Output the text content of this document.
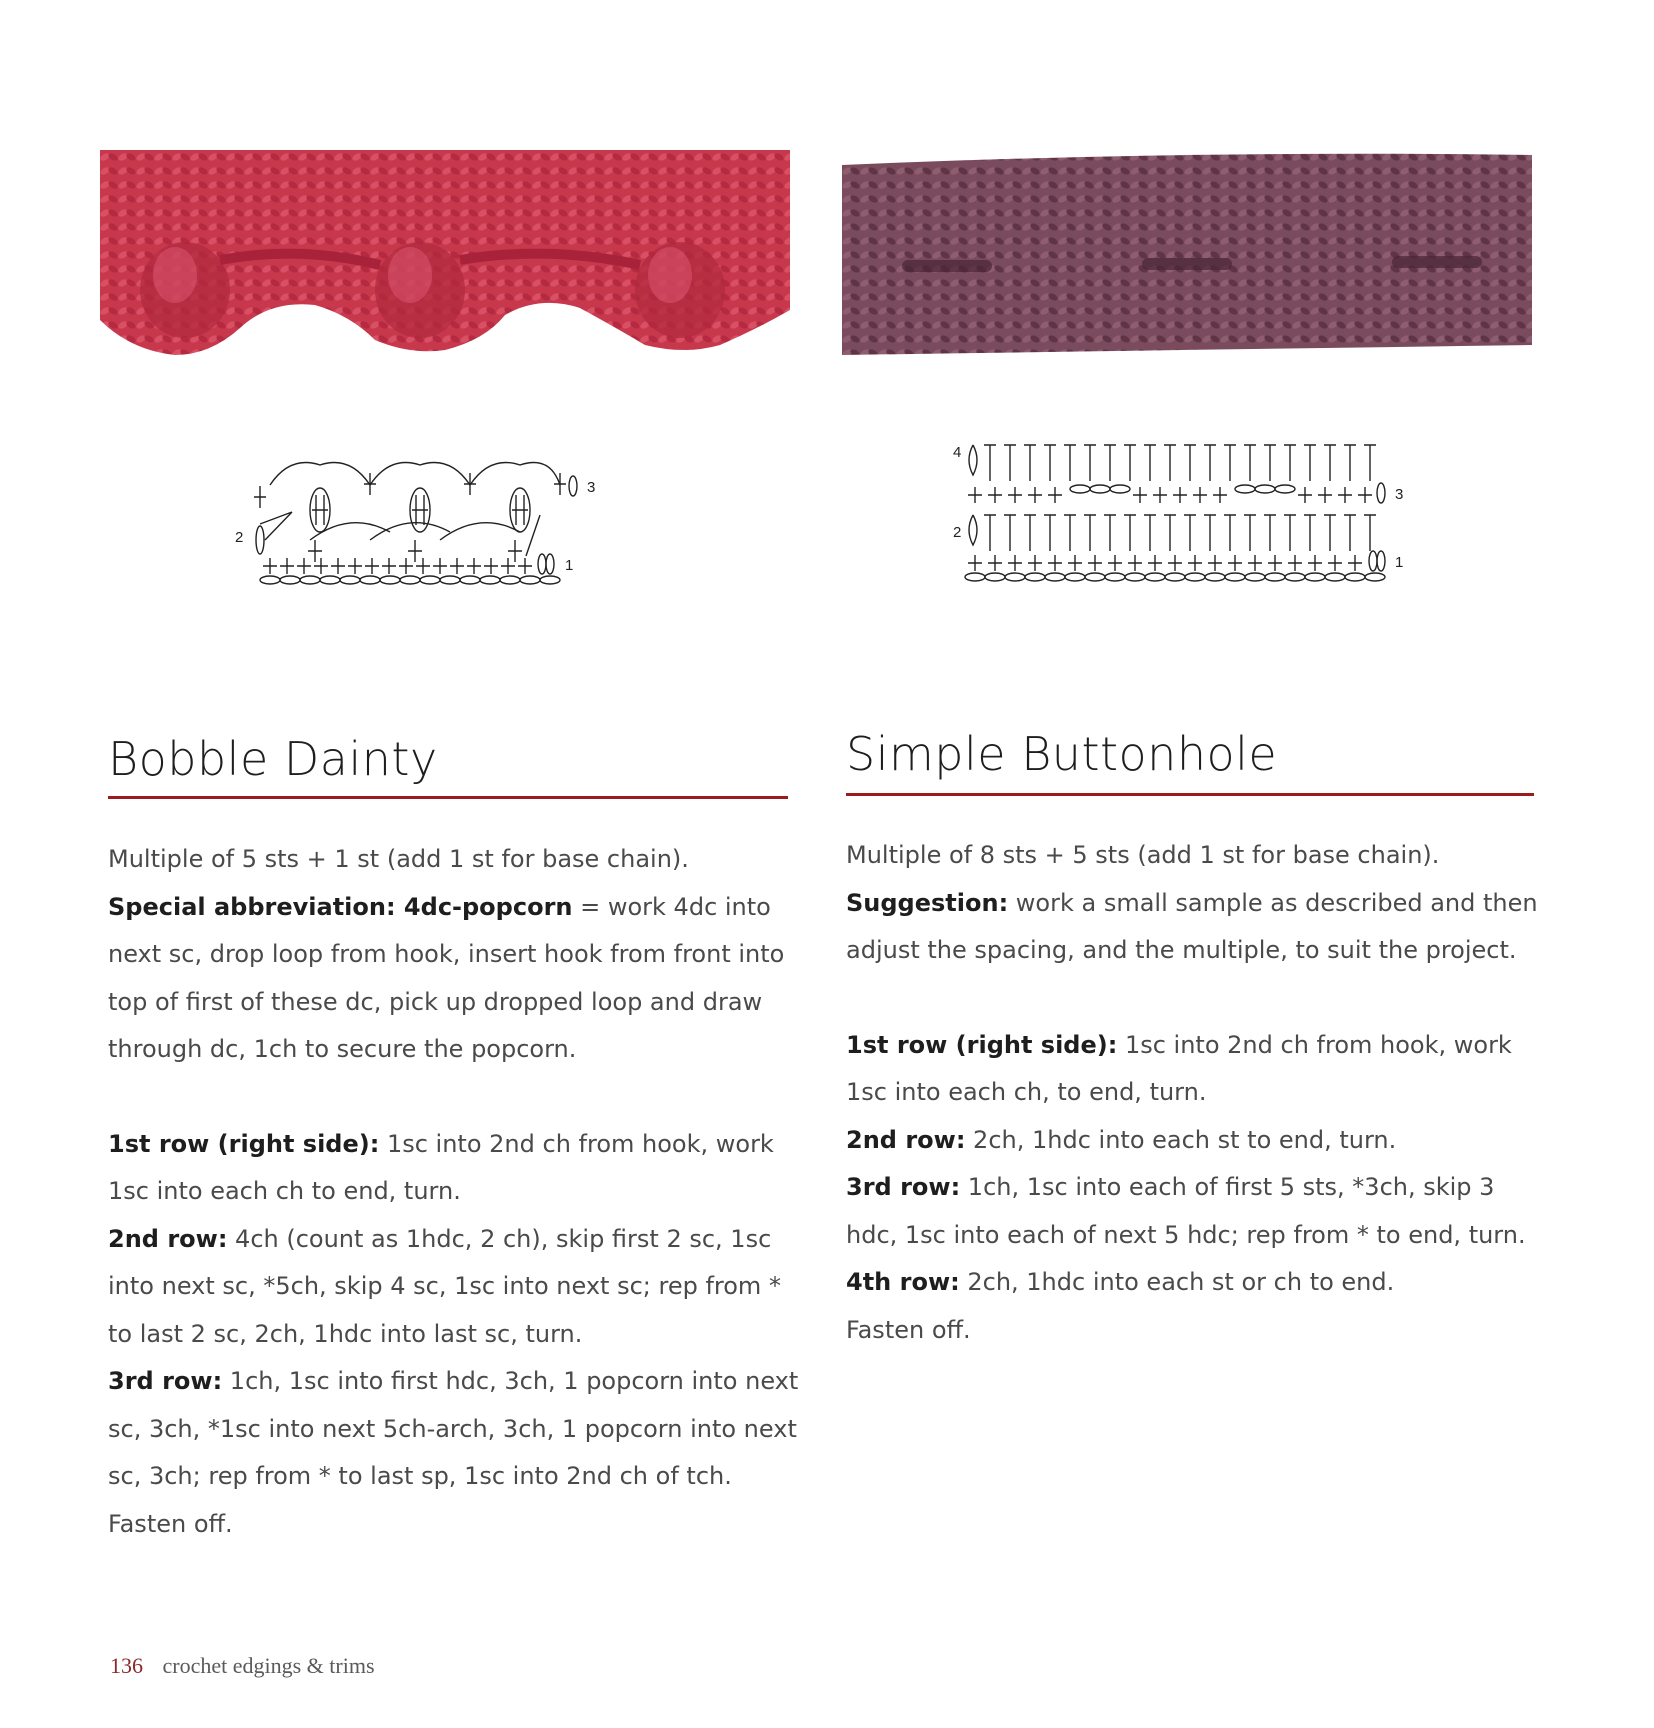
1
2
3
Bobble Dainty

Multiple of 5 sts + 1 st (add 1 st for base chain).

Special abbreviation: 4dc-popcorn = work 4dc into next sc, drop loop from hook, insert hook from front into top of first of these dc, pick up dropped loop and draw through dc, 1ch to secure the popcorn.

1st row (right side): 1sc into 2nd ch from hook, work 1sc into each ch to end, turn.

2nd row: 4ch (count as 1hdc, 2 ch), skip first 2 sc, 1sc into next sc, *5ch, skip 4 sc, 1sc into next sc; rep from * to last 2 sc, 2ch, 1hdc into last sc, turn.

3rd row: 1ch, 1sc into first hdc, 3ch, 1 popcorn into next sc, 3ch, *1sc into next 5ch-arch, 3ch, 1 popcorn into next sc, 3ch; rep from * to last sp, 1sc into 2nd ch of tch.

Fasten off.

1
2
3
4
Simple Buttonhole

Multiple of 8 sts + 5 sts (add 1 st for base chain).

Suggestion: work a small sample as described and then adjust the spacing, and the multiple, to suit the project.

1st row (right side): 1sc into 2nd ch from hook, work 1sc into each ch, to end, turn.

2nd row: 2ch, 1hdc into each st to end, turn.

3rd row: 1ch, 1sc into each of first 5 sts, *3ch, skip 3 hdc, 1sc into each of next 5 hdc; rep from * to end, turn.

4th row: 2ch, 1hdc into each st or ch to end.

Fasten off.

136 crochet edgings & trims
